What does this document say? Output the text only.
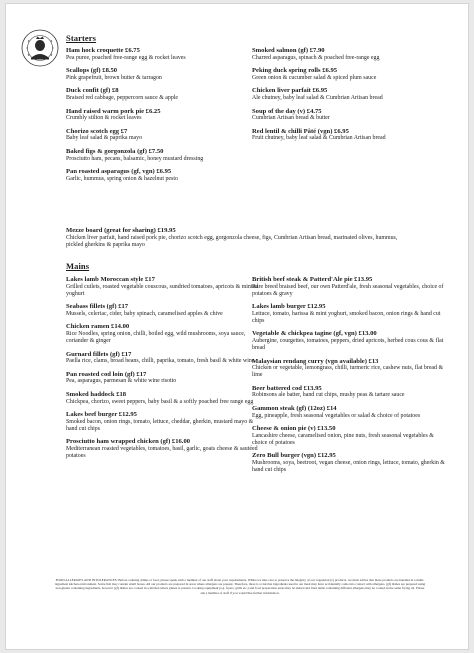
Starters
Ham hock croquette £6.75
Pea puree, poached free-range egg & rocket leaves
Scallops (gf) £8.50
Pink grapefruit, brown butter & tarragon
Duck confit (gf) £8
Braised red cabbage, peppercorn sauce & apple
Hand raised warm pork pie £6.25
Crumbly stilton & rocket leaves
Chorizo scotch egg £7
Baby leaf salad & paprika mayo
Baked figs & gorgonzola (gf) £7.50
Prosciutto ham, pecans, balsamic, honey mustard dressing
Pan roasted asparagus (gf, vgn) £6.95
Garlic, hummus, spring onion & hazelnut pesto
Smoked salmon (gf) £7.90
Charred asparagus, spinach & poached free-range egg
Peking duck spring rolls £6.95
Green onion & cucumber salad & spiced plum sauce
Chicken liver parfait £6.95
Ale chutney, baby leaf salad & Cumbrian Artisan bread
Soup of the day (v) £4.75
Cumbrian Artisan bread & butter
Red lentil & chilli Pâté (vgn) £6.95
Fruit chutney, baby leaf salad & Cumbrian Artisan bread
Mezze board (great for sharing) £19.95
Chicken liver parfait, hand raised pork pie, chorizo scotch egg, gorgonzola cheese, figs, Cumbrian Artisan bread, marinated olives, hummus, pickled gherkins & paprika mayo
Mains
Lakes lamb Moroccan style £17
Grilled cutlets, roasted vegetable couscous, sundried tomatoes, apricots & minted yoghurt
Seabass fillets (gf) £17
Mussels, celeriac, cider, baby spinach, caramelised apples & chive
Chicken ramen £14.00
Rice Noodles, spring onion, chilli, boiled egg, wild mushrooms, soya sauce, coriander & ginger
Gurnard fillets (gf) £17
Paella rice, clams, broad beans, chilli, paprika, tomato, fresh basil & white wine
Pan roasted cod loin (gf) £17
Pea, asparagus, parmesan & white wine risotto
Smoked haddock £18
Chickpea, chorizo, sweet peppers, baby basil & a softly poached free range egg
Lakes beef burger £12.95
Smoked bacon, onion rings, tomato, lettuce, cheddar, gherkin, mustard mayo & hand cut chips
Prosciutto ham wrapped chicken (gf) £16.00
Mediterranean roasted vegetables, tomatoes, basil, garlic, goats cheese & sautéed potatoes
British beef steak & Patterd'Ale pie £13.95
Rare breed braised beef, our own Patterd'ale, fresh seasonal vegetables, choice of potatoes & gravy
Lakes lamb burger £12.95
Lettuce, tomato, harissa & mint yoghurt, smoked bacon, onion rings & hand cut chips
Vegetable & chickpea tagine (gf, vgn) £13.00
Aubergine, courgettes, tomatoes, peppers, dried apricots, herbed cous cous & flat bread
Malaysian rendang curry (vgn available) £13
Chicken or vegetable, lemongrass, chilli, turmeric rice, cashew nuts, flat bread & lime
Beer battered cod £13.95
Robinsons ale batter, hand cut chips, mushy peas & tartare sauce
Gammon steak (gf) (12oz) £14
Egg, pineapple, fresh seasonal vegetables or salad & choice of potatoes
Cheese & onion pie (v) £13.50
Lancashire cheese, caramelised onion, pine nuts, fresh seasonal vegetables & choice of potatoes
Zero Bull burger (vgn) £12.95
Mushrooms, soya, beetroot, vegan cheese, onion rings, lettuce, tomato, gherkin & hand cut chips
FOOD ALLERGIES AND INTOLERANCES: Before ordering drinks or food, please speak with a member of our staff about your requirements. Whilst we take care to preserve the integrity of our vegetarian (v) products, we must advise that these products are handled in a multi-ingredient kitchen environment. Some fish may contain small bones. All our products are prepared in areas where allergens are present. Therefore, there is a risk that ingredients used in our meal may have accidentally come into contact with allergens. (gf) dishes are prepared using non-gluten containing ingredients, however (gf) dishes are cooked in a kitchen where gluten is present. Cooking equipment (e.g. fryers, grills etc.) and food preparation areas may be shared and fried items containing different allergens may be cooked in the same frying oil. Please ask a member of staff if you would like further information.
